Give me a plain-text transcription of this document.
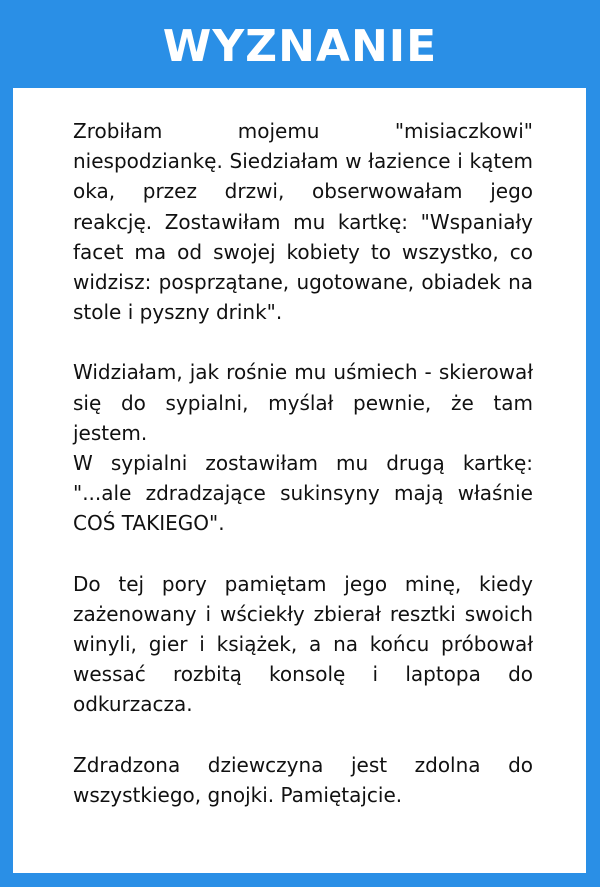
WYZNANIE

Zrobiłam mojemu "misiaczkowi" niespodziankę. Siedziałam w łazience i kątem oka, przez drzwi, obserwowałam jego reakcję. Zostawiłam mu kartkę: "Wspaniały facet ma od swojej kobiety to wszystko, co widzisz: posprzątane, ugotowane, obiadek na stole i pyszny drink".

Widziałam, jak rośnie mu uśmiech - skierował się do sypialni, myślał pewnie, że tam jestem.
W sypialni zostawiłam mu drugą kartkę: "...ale zdradzające sukinsyny mają właśnie COŚ TAKIEGO".

Do tej pory pamiętam jego minę, kiedy zażenowany i wściekły zbierał resztki swoich winyli, gier i książek, a na końcu próbował wessać rozbitą konsolę i laptopa do odkurzacza.

Zdradzona dziewczyna jest zdolna do wszystkiego, gnojki. Pamiętajcie.
